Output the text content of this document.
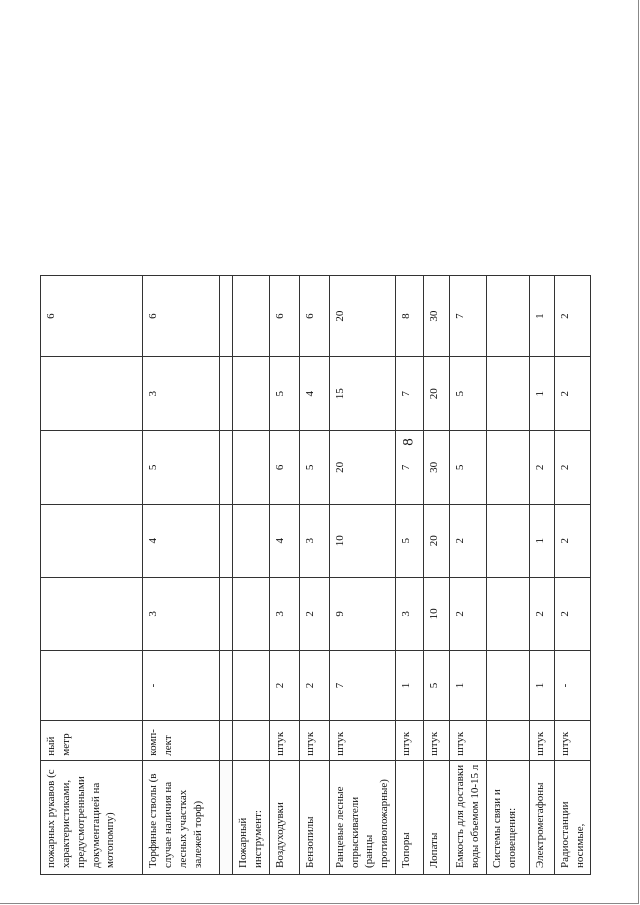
8
пожарных рукавов (с характеристиками, предусмотренными документацией на мотопомпу)	ный метр						6
Торфяные стволы (в случае наличия на лесных участках залежей торф)	комп-лект	-	3	4	5	3	6

Пожарный инструмент:							
Воздуходувки	штук	2	3	4	6	5	6
Бензопилы	штук	2	2	3	5	4	6
Ранцевые лесные опрыскиватели (ранцы противопожарные)	штук	7	9	10	20	15	20
Топоры	штук	1	3	5	7	7	8
Лопаты	штук	5	10	20	30	20	30
Емкость для доставки воды объемом 10-15 л	штук	1	2	2	5	5	7
Системы связи и оповещения:							
Электромегафоны	штук	1	2	1	2	1	1
Радиостанции носимые,	штук	-	2	2	2	2	2
